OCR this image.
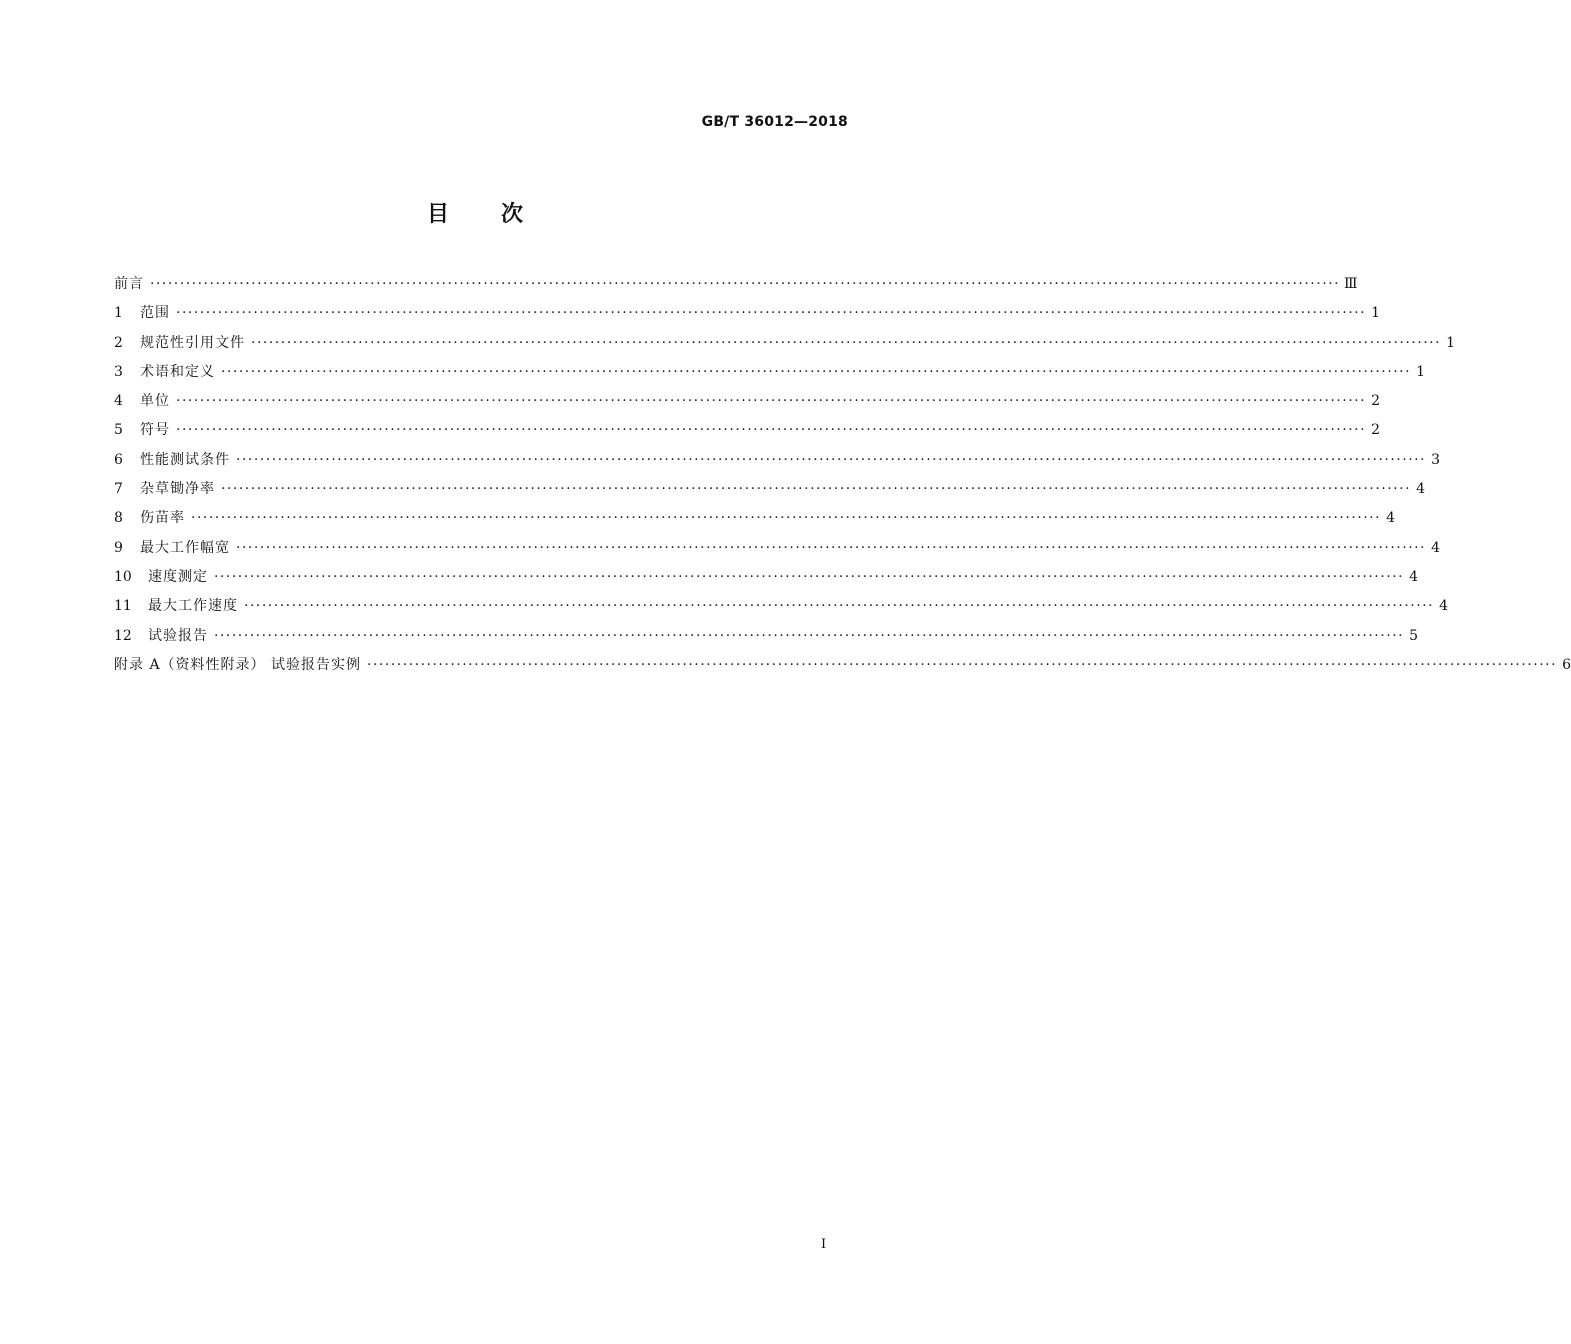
GB/T 36012—2018
目次
前言 ········································································································································································································ Ⅲ
1	范围 ········································································································································································································ 1
2	规范性引用文件 ········································································································································································································ 1
3	术语和定义 ········································································································································································································ 1
4	单位 ········································································································································································································ 2
5	符号 ········································································································································································································ 2
6	性能测试条件 ········································································································································································································ 3
7	杂草锄净率 ········································································································································································································ 4
8	伤苗率 ········································································································································································································ 4
9	最大工作幅宽 ········································································································································································································ 4
10	速度测定 ········································································································································································································ 4
11	最大工作速度 ········································································································································································································ 4
12	试验报告 ········································································································································································································ 5
附录 A（资料性附录） 试验报告实例 ········································································································································································································ 6
I
